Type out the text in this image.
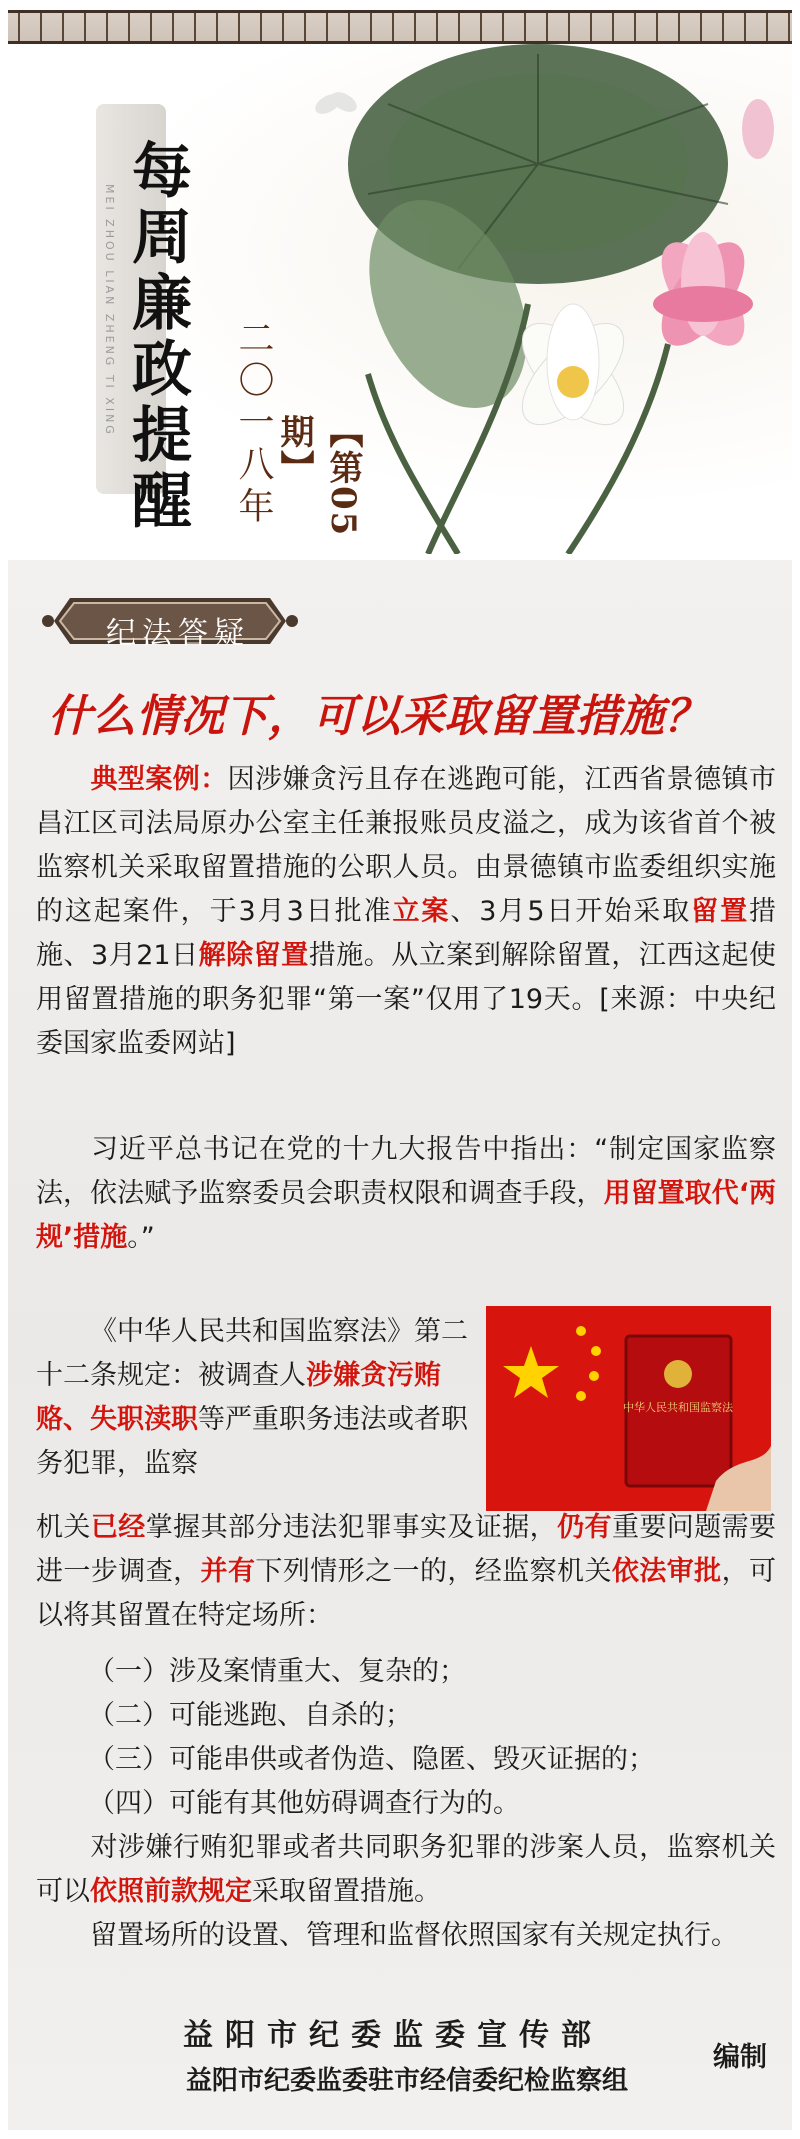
MEI ZHOU LIAN ZHENG TI XING 每周廉政提醒 二〇一八年	【第05期】
纪法答疑
什么情况下，可以采取留置措施？
典型案例：因涉嫌贪污且存在逃跑可能，江西省景德镇市昌江区司法局原办公室主任兼报账员皮溢之，成为该省首个被监察机关采取留置措施的公职人员。由景德镇市监委组织实施的这起案件，于3月3日批准立案、3月5日开始采取留置措施、3月21日解除留置措施。从立案到解除留置，江西这起使用留置措施的职务犯罪“第一案”仅用了19天。[来源：中央纪委国家监委网站]
习近平总书记在党的十九大报告中指出：“制定国家监察法，依法赋予监察委员会职责权限和调查手段，用留置取代‘两规’措施。”
《中华人民共和国监察法》第二十二条规定：被调查人涉嫌贪污贿赂、失职渎职等严重职务违法或者职务犯罪，监察
中华人民共和国监察法
机关已经掌握其部分违法犯罪事实及证据，仍有重要问题需要进一步调查，并有下列情形之一的，经监察机关依法审批，可以将其留置在特定场所：
（一）涉及案情重大、复杂的；
（二）可能逃跑、自杀的；
（三）可能串供或者伪造、隐匿、毁灭证据的；
（四）可能有其他妨碍调查行为的。
对涉嫌行贿犯罪或者共同职务犯罪的涉案人员，监察机关可以依照前款规定采取留置措施。
留置场所的设置、管理和监督依照国家有关规定执行。
益阳市纪委监委宣传部
益阳市纪委监委驻市经信委纪检监察组
编制
